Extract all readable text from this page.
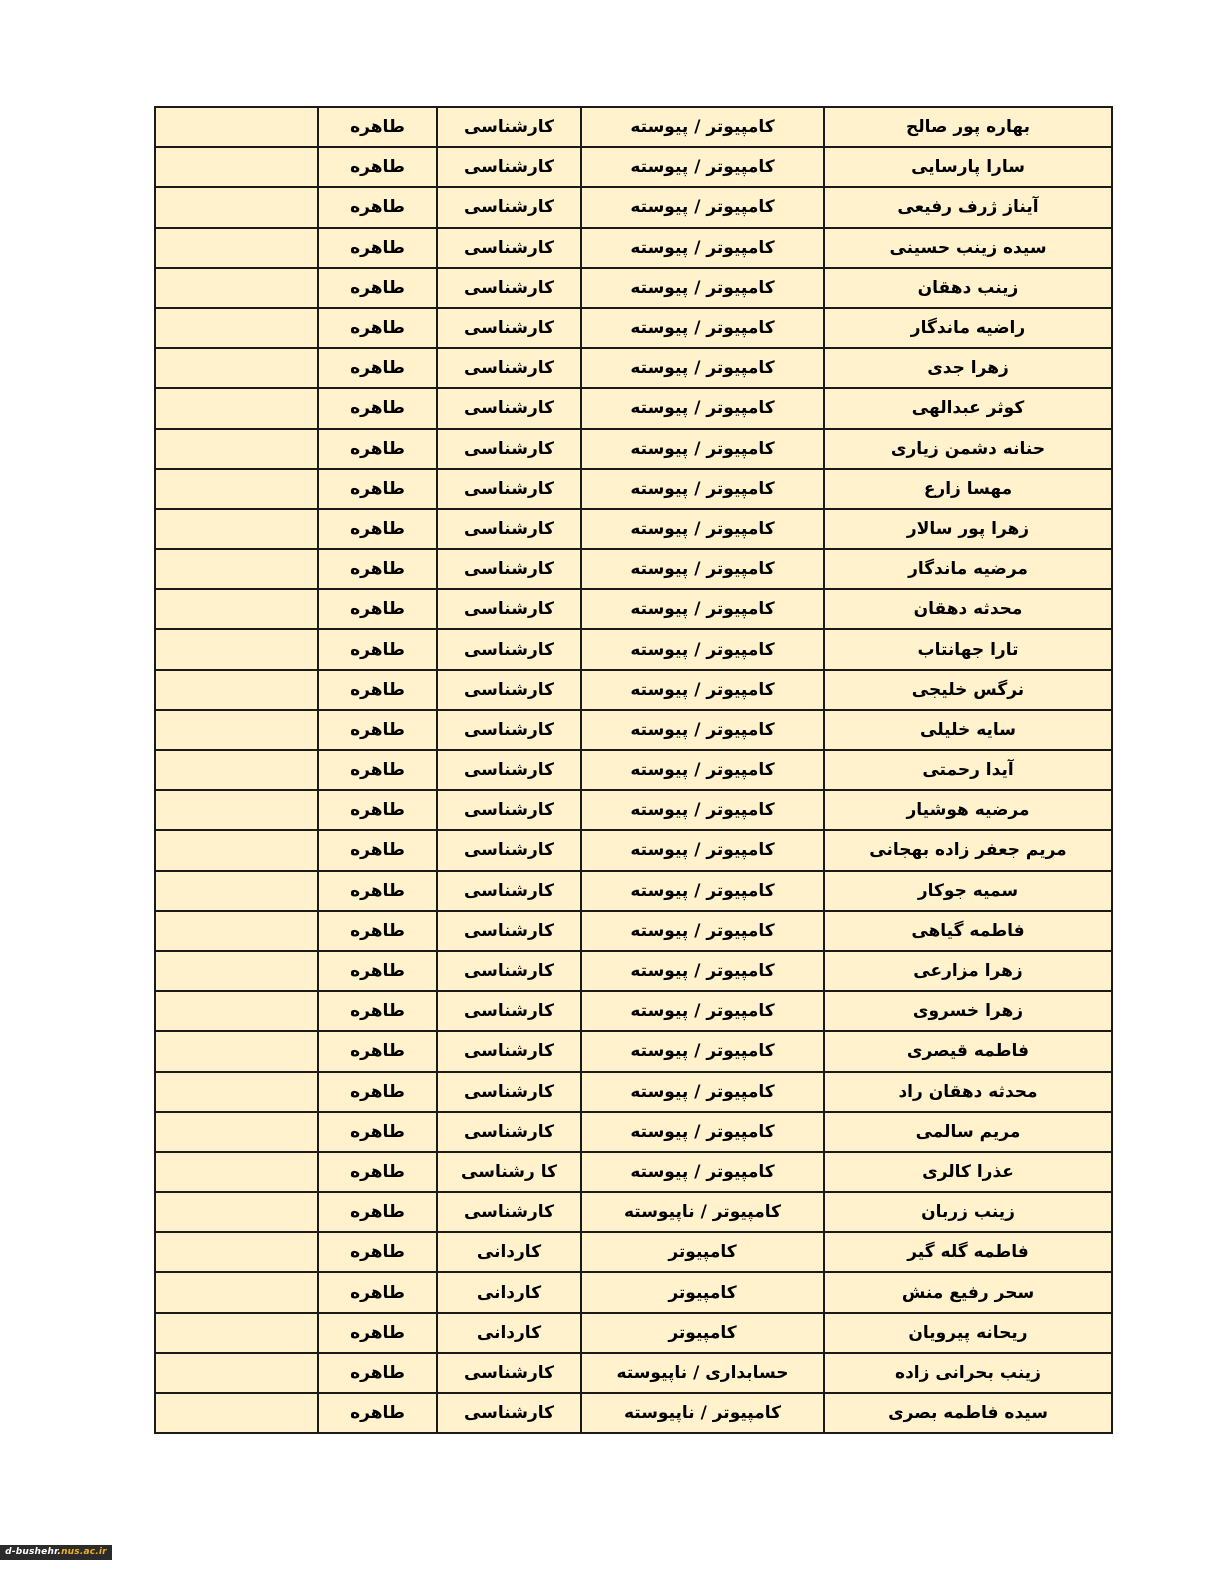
	طاهره	کارشناسی	کامپیوتر / پیوسته	بهاره پور صالح
	طاهره	کارشناسی	کامپیوتر / پیوسته	سارا پارسایی
	طاهره	کارشناسی	کامپیوتر / پیوسته	آیناز ژرف رفیعی
	طاهره	کارشناسی	کامپیوتر / پیوسته	سیده زینب حسینی
	طاهره	کارشناسی	کامپیوتر / پیوسته	زینب دهقان
	طاهره	کارشناسی	کامپیوتر / پیوسته	راضیه ماندگار
	طاهره	کارشناسی	کامپیوتر / پیوسته	زهرا جدی
	طاهره	کارشناسی	کامپیوتر / پیوسته	کوثر عبدالهی
	طاهره	کارشناسی	کامپیوتر / پیوسته	حنانه دشمن زیاری
	طاهره	کارشناسی	کامپیوتر / پیوسته	مهسا زارع
	طاهره	کارشناسی	کامپیوتر / پیوسته	زهرا پور سالار
	طاهره	کارشناسی	کامپیوتر / پیوسته	مرضیه ماندگار
	طاهره	کارشناسی	کامپیوتر / پیوسته	محدثه دهقان
	طاهره	کارشناسی	کامپیوتر / پیوسته	تارا جهانتاب
	طاهره	کارشناسی	کامپیوتر / پیوسته	نرگس خلیجی
	طاهره	کارشناسی	کامپیوتر / پیوسته	سایه خلیلی
	طاهره	کارشناسی	کامپیوتر / پیوسته	آیدا رحمتی
	طاهره	کارشناسی	کامپیوتر / پیوسته	مرضیه هوشیار
	طاهره	کارشناسی	کامپیوتر / پیوسته	مریم جعفر زاده بهجانی
	طاهره	کارشناسی	کامپیوتر / پیوسته	سمیه جوکار
	طاهره	کارشناسی	کامپیوتر / پیوسته	فاطمه گیاهی
	طاهره	کارشناسی	کامپیوتر / پیوسته	زهرا مزارعی
	طاهره	کارشناسی	کامپیوتر / پیوسته	زهرا خسروی
	طاهره	کارشناسی	کامپیوتر / پیوسته	فاطمه قیصری
	طاهره	کارشناسی	کامپیوتر / پیوسته	محدثه دهقان راد
	طاهره	کارشناسی	کامپیوتر / پیوسته	مریم سالمی
	طاهره	کا رشناسی	کامپیوتر / پیوسته	عذرا کالری
	طاهره	کارشناسی	کامپیوتر / ناپیوسته	زینب زربان
	طاهره	کاردانی	کامپیوتر	فاطمه گله گیر
	طاهره	کاردانی	کامپیوتر	سحر رفیع منش
	طاهره	کاردانی	کامپیوتر	ریحانه پیرویان
	طاهره	کارشناسی	حسابداری / ناپیوسته	زینب بحرانی زاده
	طاهره	کارشناسی	کامپیوتر / ناپیوسته	سیده فاطمه بصری
d-bushehr.nus.ac.ir
